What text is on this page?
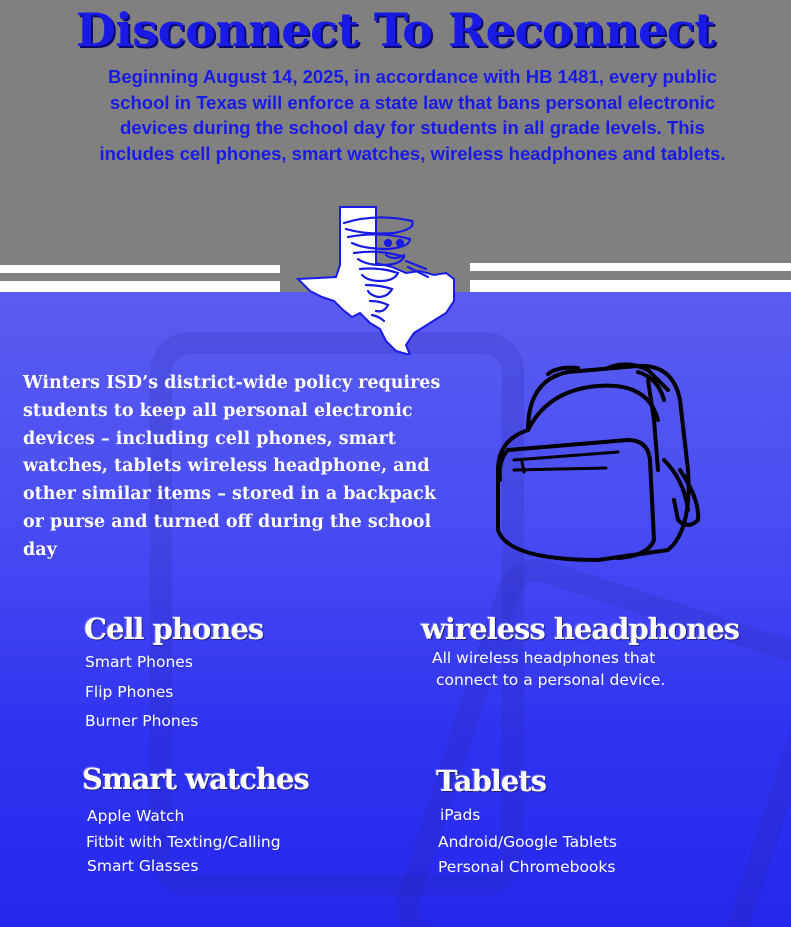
Disconnect To Reconnect
Beginning August 14, 2025, in accordance with HB 1481, every public school in Texas will enforce a state law that bans personal electronic devices during the school day for students in all grade levels. This includes cell phones, smart watches, wireless headphones and tablets.
Winters ISD’s district-wide policy requires students to keep all personal electronic devices – including cell phones, smart watches, tablets wireless headphone, and other similar items – stored in a backpack or purse and turned off during the school day
Cell phones
Smart Phones
Flip Phones
Burner Phones
wireless headphones
All wireless headphones that
connect to a personal device.
Smart watches
Apple Watch
Fitbit with Texting/Calling
Smart Glasses
Tablets
iPads
Android/Google Tablets
Personal Chromebooks
